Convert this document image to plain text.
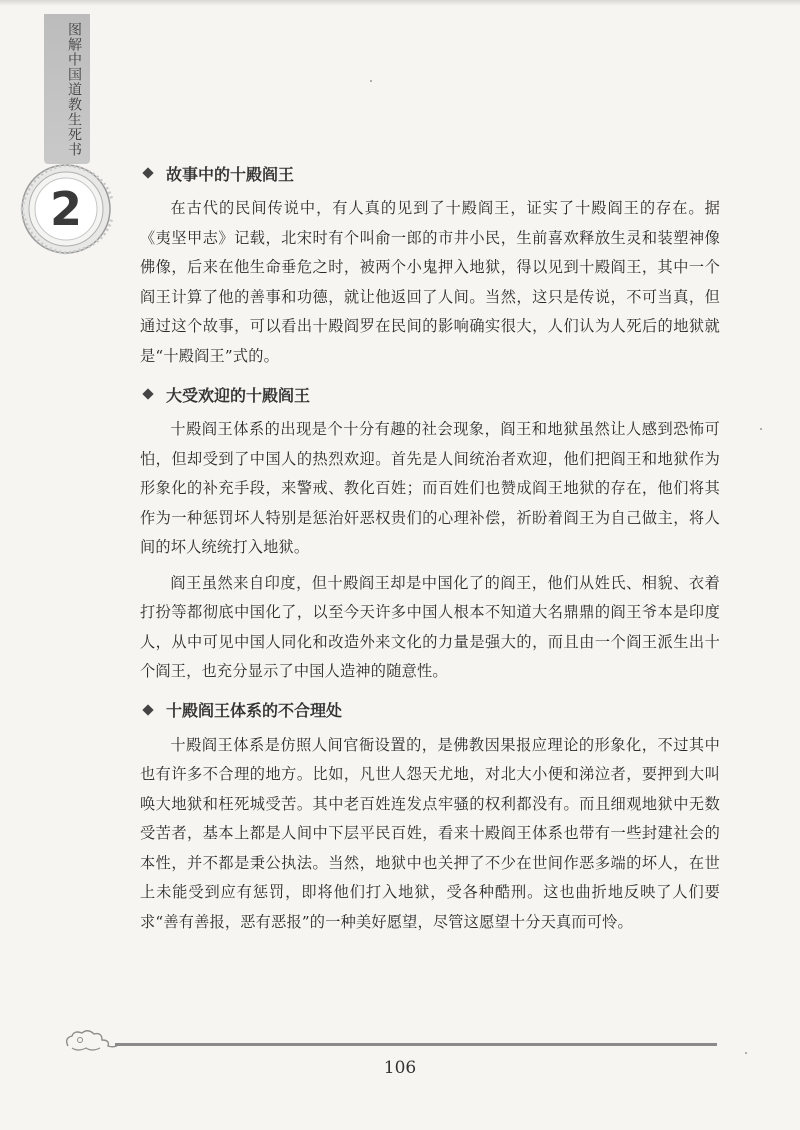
图解中国道教生死书
2
故事中的十殿阎王

在古代的民间传说中，有人真的见到了十殿阎王，证实了十殿阎王的存在。据《夷坚甲志》记载，北宋时有个叫俞一郎的市井小民，生前喜欢释放生灵和装塑神像佛像，后来在他生命垂危之时，被两个小鬼押入地狱，得以见到十殿阎王，其中一个阎王计算了他的善事和功德，就让他返回了人间。当然，这只是传说，不可当真，但通过这个故事，可以看出十殿阎罗在民间的影响确实很大，人们认为人死后的地狱就是“十殿阎王”式的。

大受欢迎的十殿阎王

十殿阎王体系的出现是个十分有趣的社会现象，阎王和地狱虽然让人感到恐怖可怕，但却受到了中国人的热烈欢迎。首先是人间统治者欢迎，他们把阎王和地狱作为形象化的补充手段，来警戒、教化百姓；而百姓们也赞成阎王地狱的存在，他们将其作为一种惩罚坏人特别是惩治奸恶权贵们的心理补偿，祈盼着阎王为自己做主，将人间的坏人统统打入地狱。

阎王虽然来自印度，但十殿阎王却是中国化了的阎王，他们从姓氏、相貌、衣着打扮等都彻底中国化了，以至今天许多中国人根本不知道大名鼎鼎的阎王爷本是印度人，从中可见中国人同化和改造外来文化的力量是强大的，而且由一个阎王派生出十个阎王，也充分显示了中国人造神的随意性。

十殿阎王体系的不合理处

十殿阎王体系是仿照人间官衙设置的，是佛教因果报应理论的形象化，不过其中也有许多不合理的地方。比如，凡世人怨天尤地，对北大小便和涕泣者，要押到大叫唤大地狱和枉死城受苦。其中老百姓连发点牢骚的权利都没有。而且细观地狱中无数受苦者，基本上都是人间中下层平民百姓，看来十殿阎王体系也带有一些封建社会的本性，并不都是秉公执法。当然，地狱中也关押了不少在世间作恶多端的坏人，在世上未能受到应有惩罚，即将他们打入地狱，受各种酷刑。这也曲折地反映了人们要求“善有善报，恶有恶报”的一种美好愿望，尽管这愿望十分天真而可怜。

106
